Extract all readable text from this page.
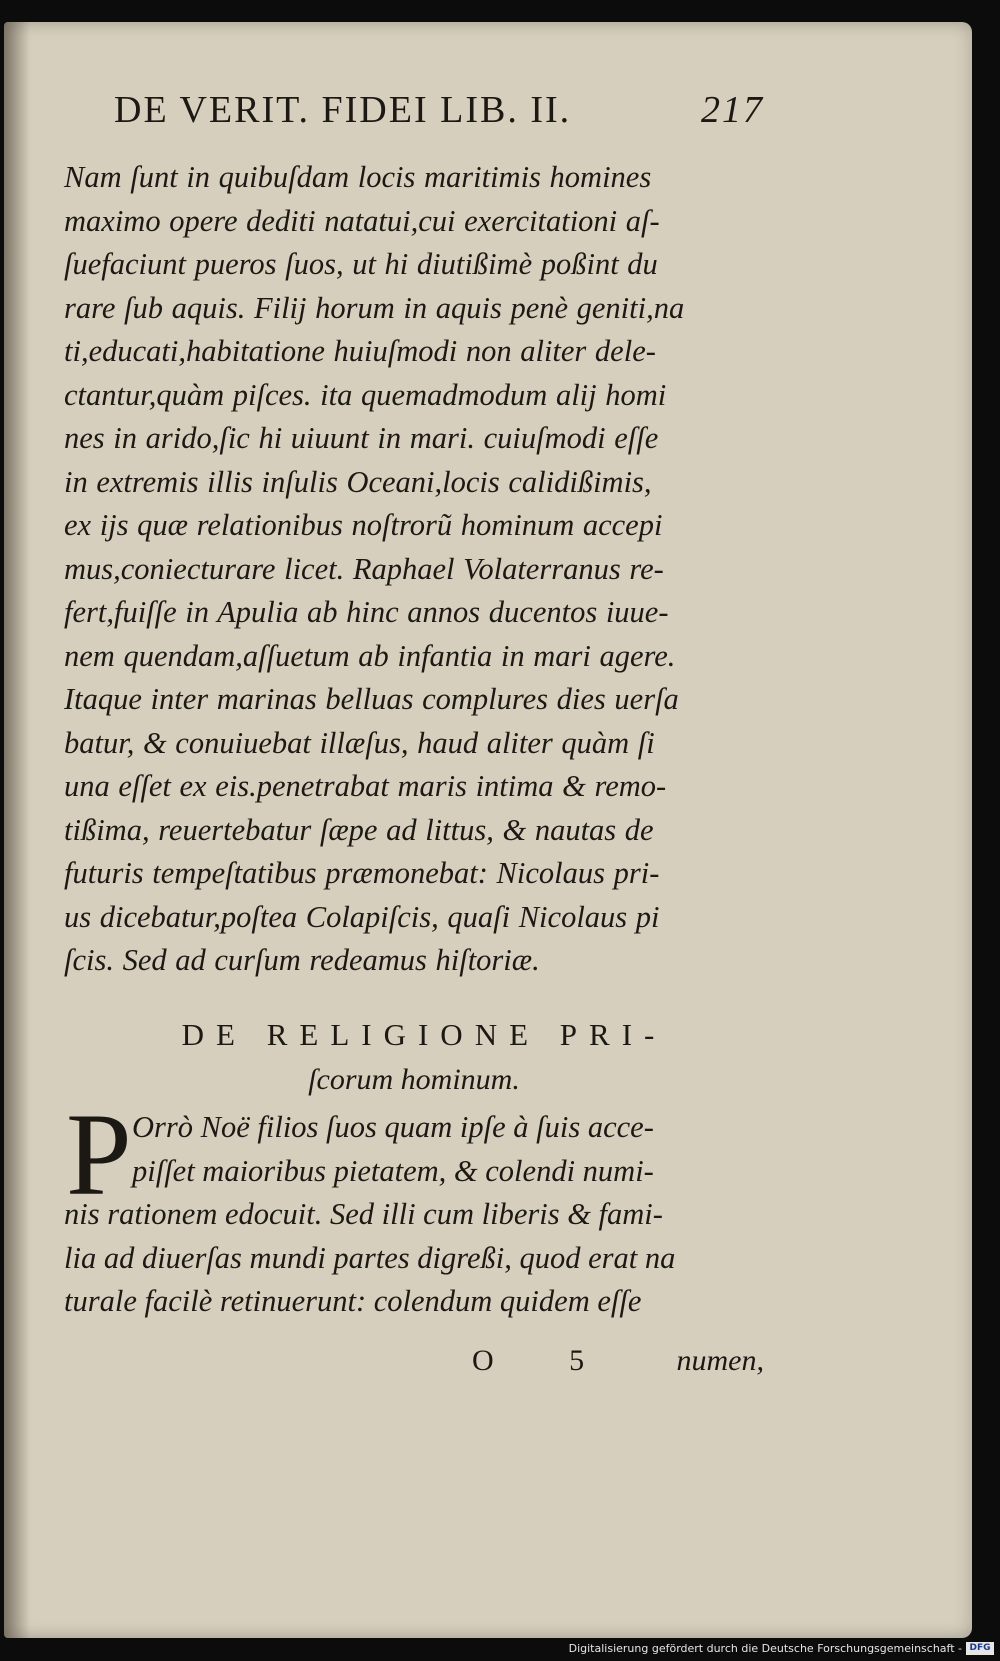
DE VERIT. FIDEI LIB. II.	217
Nam ſunt in quibuſdam locis maritimis homines
maximo opere dediti natatui,cui exercitationi aſ-
ſuefaciunt pueros ſuos, ut hi diutißimè poßint du
rare ſub aquis. Filij horum in aquis penè geniti,na
ti,educati,habitatione huiuſmodi non aliter dele-
ctantur,quàm piſces. ita quemadmodum alij homi
nes in arido,ſic hi uiuunt in mari. cuiuſmodi eſſe
in extremis illis inſulis Oceani,locis calidißimis,
ex ijs quæ relationibus noſtrorũ hominum accepi
mus,coniecturare licet. Raphael Volaterranus re-
fert,fuiſſe in Apulia ab hinc annos ducentos iuue-
nem quendam,aſſuetum ab infantia in mari agere.
Itaque inter marinas belluas complures dies uerſa
batur, & conuiuebat illæſus, haud aliter quàm ſi
una eſſet ex eis.penetrabat maris intima & remo-
tißima, reuertebatur ſæpe ad littus, & nautas de
futuris tempeſtatibus præmonebat: Nicolaus pri-
us dicebatur,poſtea Colapiſcis, quaſi Nicolaus pi
ſcis. Sed ad curſum redeamus hiſtoriæ.
DE RELIGIONE PRI-
ſcorum hominum.
P Orrò Noë filios ſuos quam ipſe à ſuis acce-
piſſet maioribus pietatem, & colendi numi-
nis rationem edocuit. Sed illi cum liberis & fami-
lia ad diuerſas mundi partes digreßi, quod erat na
turale facilè retinuerunt: colendum quidem eſſe
O 5 numen,
Digitalisierung gefördert durch die Deutsche Forschungsgemeinschaft - DFG
